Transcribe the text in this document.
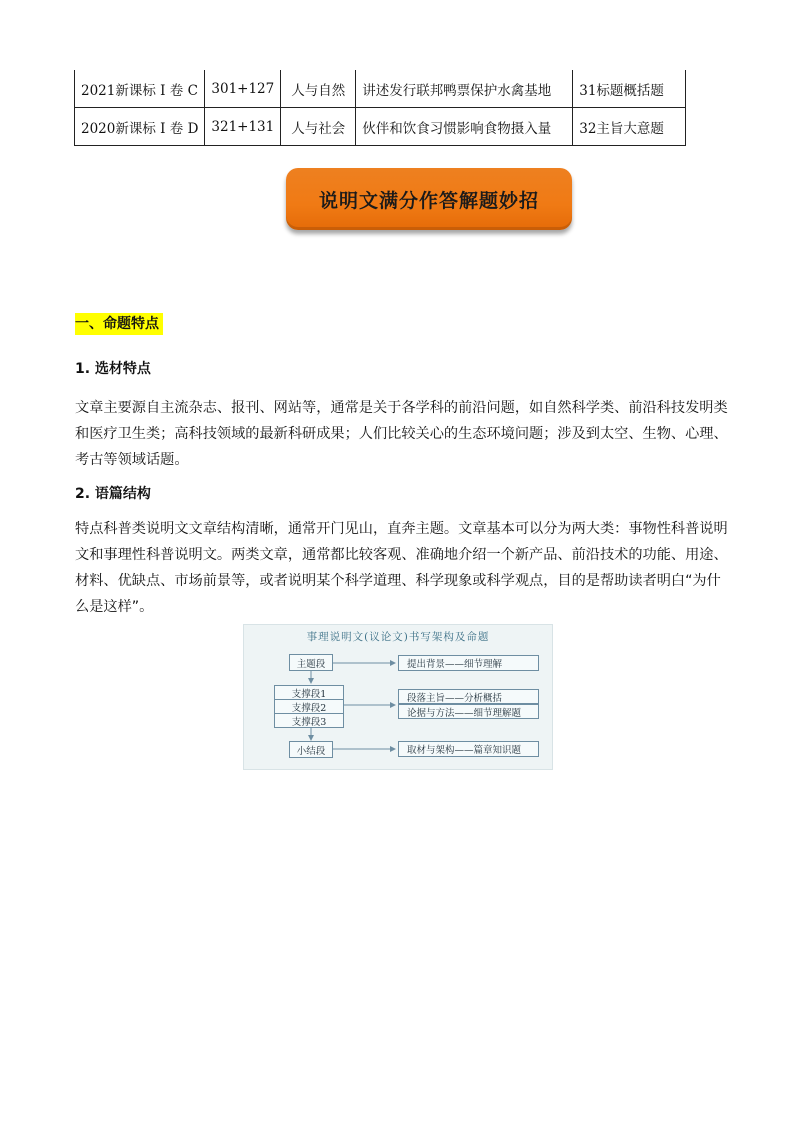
2021新课标 I 卷 C	301+127	人与自然	讲述发行联邦鸭票保护水禽基地	31标题概括题
2020新课标 I 卷 D	321+131	人与社会	伙伴和饮食习惯影响食物摄入量	32主旨大意题
说明文满分作答解题妙招
一、命题特点
1. 选材特点
文章主要源自主流杂志、报刊、网站等，通常是关于各学科的前沿问题，如自然科学类、前沿科技发明类
和医疗卫生类；高科技领域的最新科研成果；人们比较关心的生态环境问题；涉及到太空、生物、心理、
考古等领域话题。
2. 语篇结构
特点科普类说明文文章结构清晰，通常开门见山，直奔主题。文章基本可以分为两大类：事物性科普说明
文和事理性科普说明文。两类文章，通常都比较客观、准确地介绍一个新产品、前沿技术的功能、用途、
材料、优缺点、市场前景等，或者说明某个科学道理、科学现象或科学观点，目的是帮助读者明白“为什
么是这样”。
事理说明文(议论文)书写架构及命题
主题段
支撑段1
支撑段2
支撑段3
小结段
提出背景——细节理解
段落主旨——分析概括
论据与方法——细节理解题
取材与架构——篇章知识题
